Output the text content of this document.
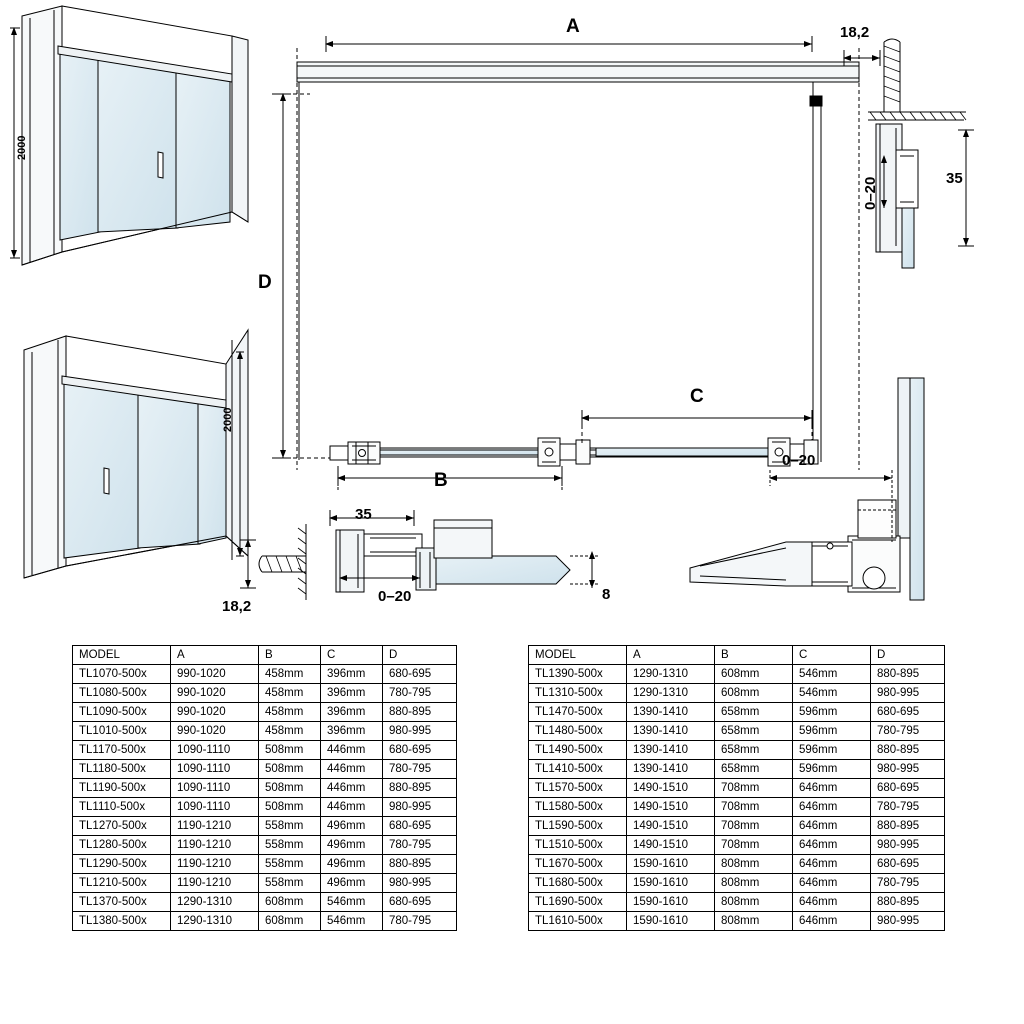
A
D
C
B
2000
2000
18,2
35
0–20
35
18,2
0–20	8
0–20
MODEL	A	B	C	D
TL1070-500x	990-1020	458mm	396mm	680-695
TL1080-500x	990-1020	458mm	396mm	780-795
TL1090-500x	990-1020	458mm	396mm	880-895
TL1010-500x	990-1020	458mm	396mm	980-995
TL1170-500x	1090-1110	508mm	446mm	680-695
TL1180-500x	1090-1110	508mm	446mm	780-795
TL1190-500x	1090-1110	508mm	446mm	880-895
TL1110-500x	1090-1110	508mm	446mm	980-995
TL1270-500x	1190-1210	558mm	496mm	680-695
TL1280-500x	1190-1210	558mm	496mm	780-795
TL1290-500x	1190-1210	558mm	496mm	880-895
TL1210-500x	1190-1210	558mm	496mm	980-995
TL1370-500x	1290-1310	608mm	546mm	680-695
TL1380-500x	1290-1310	608mm	546mm	780-795
MODEL	A	B	C	D
TL1390-500x	1290-1310	608mm	546mm	880-895
TL1310-500x	1290-1310	608mm	546mm	980-995
TL1470-500x	1390-1410	658mm	596mm	680-695
TL1480-500x	1390-1410	658mm	596mm	780-795
TL1490-500x	1390-1410	658mm	596mm	880-895
TL1410-500x	1390-1410	658mm	596mm	980-995
TL1570-500x	1490-1510	708mm	646mm	680-695
TL1580-500x	1490-1510	708mm	646mm	780-795
TL1590-500x	1490-1510	708mm	646mm	880-895
TL1510-500x	1490-1510	708mm	646mm	980-995
TL1670-500x	1590-1610	808mm	646mm	680-695
TL1680-500x	1590-1610	808mm	646mm	780-795
TL1690-500x	1590-1610	808mm	646mm	880-895
TL1610-500x	1590-1610	808mm	646mm	980-995
